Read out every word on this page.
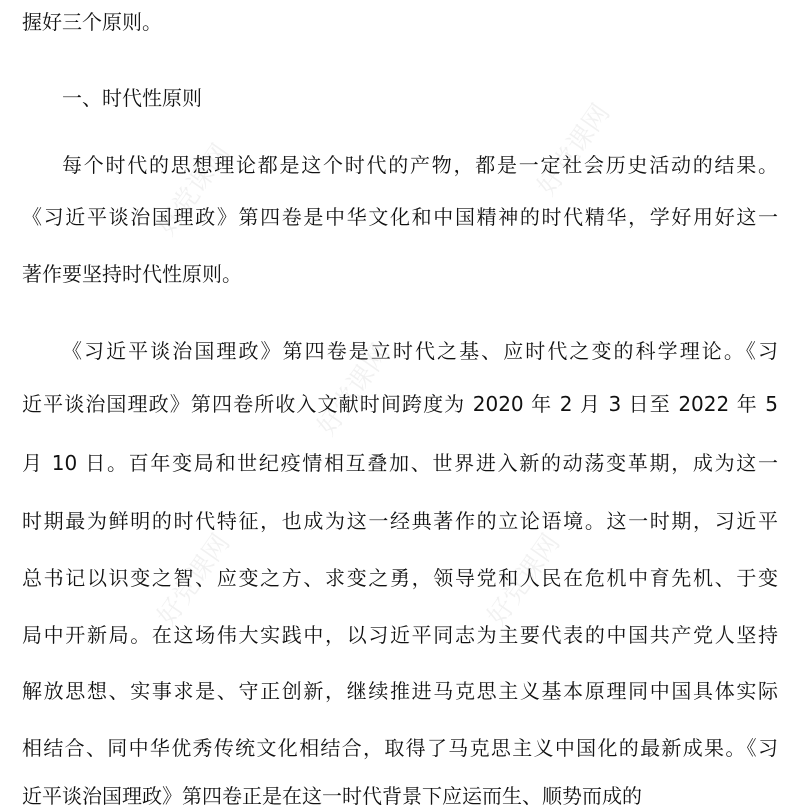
好党课网	好党课网
好党课网
好党课网	好党课网
握好三个原则。
一、时代性原则
每个时代的思想理论都是这个时代的产物，都是一定社会历史活动的结果。
《习近平谈治国理政》第四卷是中华文化和中国精神的时代精华，学好用好这一
著作要坚持时代性原则。
《习近平谈治国理政》第四卷是立时代之基、应时代之变的科学理论。《习
近平谈治国理政》第四卷所收入文献时间跨度为 2020 年 2 月 3 日至 2022 年 5
月 10 日。百年变局和世纪疫情相互叠加、世界进入新的动荡变革期，成为这一
时期最为鲜明的时代特征，也成为这一经典著作的立论语境。这一时期，习近平
总书记以识变之智、应变之方、求变之勇，领导党和人民在危机中育先机、于变
局中开新局。在这场伟大实践中，以习近平同志为主要代表的中国共产党人坚持
解放思想、实事求是、守正创新，继续推进马克思主义基本原理同中国具体实际
相结合、同中华优秀传统文化相结合，取得了马克思主义中国化的最新成果。《习
近平谈治国理政》第四卷正是在这一时代背景下应运而生、顺势而成的
